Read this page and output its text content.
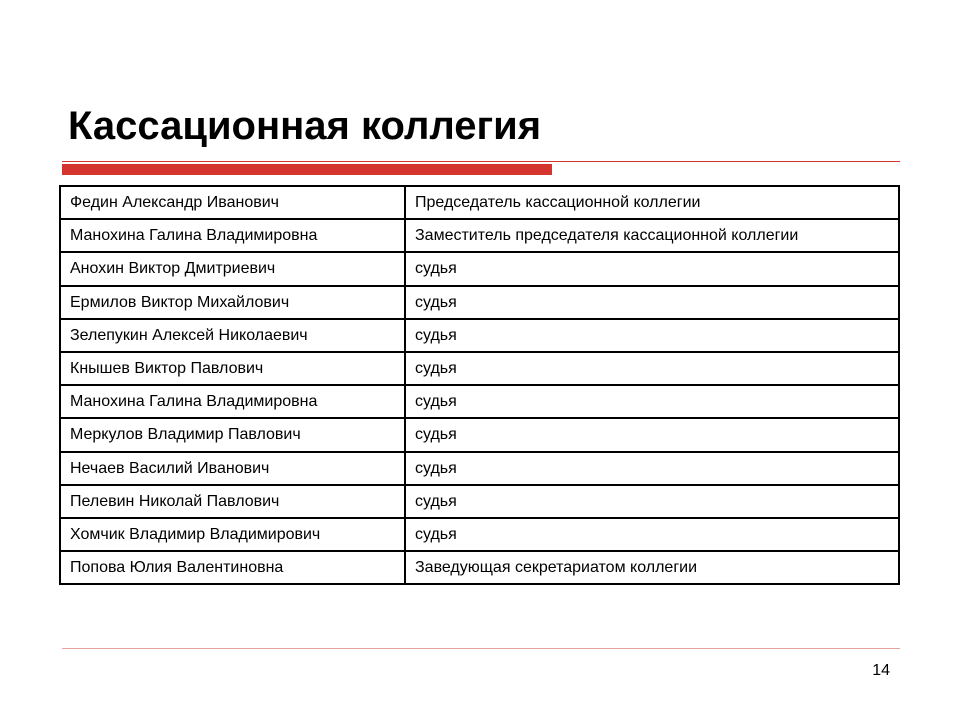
Кассационная коллегия
Федин Александр Иванович	Председатель кассационной коллегии
Манохина Галина Владимировна	Заместитель председателя кассационной коллегии
Анохин Виктор Дмитриевич	судья
Ермилов Виктор Михайлович	судья
Зелепукин Алексей Николаевич	судья
Кнышев Виктор Павлович	судья
Манохина Галина Владимировна	судья
Меркулов Владимир Павлович	судья
Нечаев Василий Иванович	судья
Пелевин Николай Павлович	судья
Хомчик Владимир Владимирович	судья
Попова Юлия Валентиновна	Заведующая секретариатом коллегии
14
